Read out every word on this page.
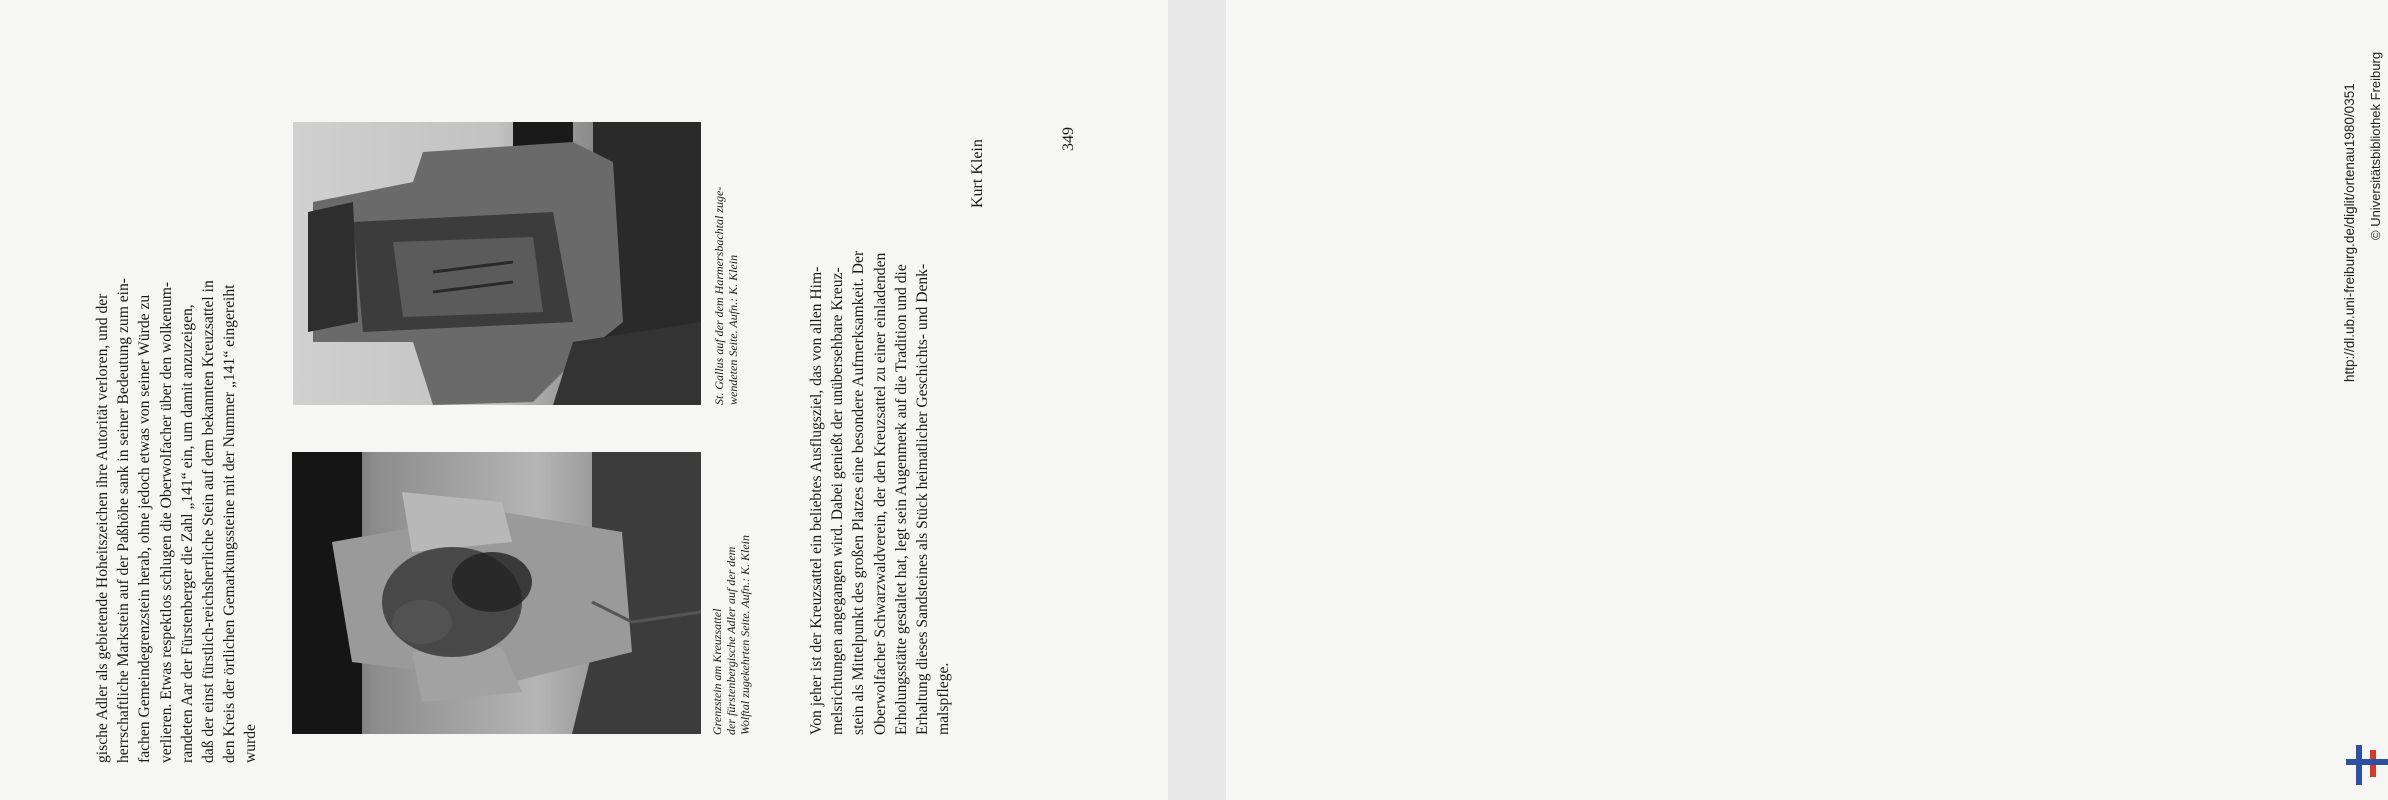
gische Adler als gebietende Hoheitszeichen ihre Autorität verloren, und der herrschaftliche Markstein auf der Paßhöhe sank in seiner Bedeutung zum ein- fachen Gemeindegrenzstein herab, ohne jedoch etwas von seiner Würde zu verlieren. Etwas respektlos schlugen die Oberwolfacher über den wolkenum- randeten Aar der Fürstenberger die Zahl „141“ ein, um damit anzuzeigen, daß der einst fürstlich-reichsherrliche Stein auf dem bekannten Kreuzsattel in den Kreis der örtlichen Gemarkungssteine mit der Nummer „141“ eingereiht wurde

Grenzstein am Kreuzsattel der fürstenbergische Adler auf der dem Wolftal zugekehrten Seite. Aufn.: K. Klein

St. Gallus auf der dem Harmersbachtal zuge- wendeten Seite. Aufn.: K. Klein	Von jeher ist der Kreuzsattel ein beliebtes Ausflugsziel, das von allen Him- melsrichtungen angegangen wird. Dabei genießt der unübersehbare Kreuz- stein als Mittelpunkt des großen Platzes eine besondere Aufmerksamkeit. Der Oberwolfacher Schwarzwaldverein, der den Kreuzsattel zu einer einladenden Erholungsstätte gestaltet hat, legt sein Augenmerk auf die Tradition und die Erhaltung dieses Sandsteines als Stück heimatlicher Geschichts- und Denk- malspflege.

Kurt Klein
349	http://dl.ub.uni-freiburg.de/diglit/ortenau1980/0351 © Universitätsbibliothek Freiburg
